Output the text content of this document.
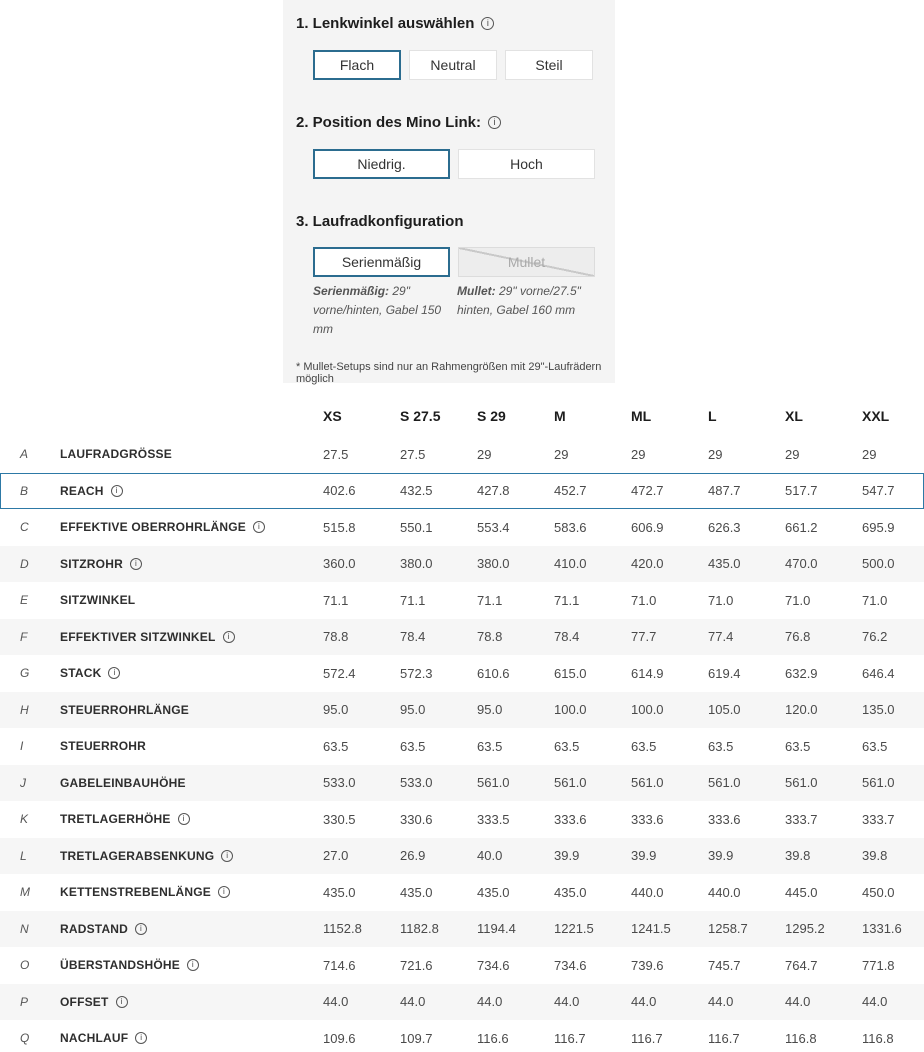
1. Lenkwinkel auswählen	i
Flach	Neutral	Steil
2. Position des Mino Link:	i
Niedrig.	Hoch
3. Laufradkonfiguration
Serienmäßig	Mullet
Serienmäßig: 29" vorne/hinten, Gabel 150 mm
Mullet: 29" vorne/27.5" hinten, Gabel 160 mm
* Mullet-Setups sind nur an Rahmengrößen mit 29"-Laufrädern möglich
XS	S 27.5	S 29	M	ML	L	XL	XXL
A	LAUFRADGRÖSSE	27.5	27.5	29	29	29	29	29	29
B	REACH	i	402.6	432.5	427.8	452.7	472.7	487.7	517.7	547.7
C	EFFEKTIVE OBERROHRLÄNGE	i	515.8	550.1	553.4	583.6	606.9	626.3	661.2	695.9
D	SITZROHR	i	360.0	380.0	380.0	410.0	420.0	435.0	470.0	500.0
E	SITZWINKEL	71.1	71.1	71.1	71.1	71.0	71.0	71.0	71.0
F	EFFEKTIVER SITZWINKEL	i	78.8	78.4	78.8	78.4	77.7	77.4	76.8	76.2
G	STACK	i	572.4	572.3	610.6	615.0	614.9	619.4	632.9	646.4
H	STEUERROHRLÄNGE	95.0	95.0	95.0	100.0	100.0	105.0	120.0	135.0
I	STEUERROHR	63.5	63.5	63.5	63.5	63.5	63.5	63.5	63.5
J	GABELEINBAUHÖHE	533.0	533.0	561.0	561.0	561.0	561.0	561.0	561.0
K	TRETLAGERHÖHE	i	330.5	330.6	333.5	333.6	333.6	333.6	333.7	333.7
L	TRETLAGERABSENKUNG	i	27.0	26.9	40.0	39.9	39.9	39.9	39.8	39.8
M	KETTENSTREBENLÄNGE	i	435.0	435.0	435.0	435.0	440.0	440.0	445.0	450.0
N	RADSTAND	i	1152.8	1182.8	1194.4	1221.5	1241.5	1258.7	1295.2	1331.6
O	ÜBERSTANDSHÖHE	i	714.6	721.6	734.6	734.6	739.6	745.7	764.7	771.8
P	OFFSET	i	44.0	44.0	44.0	44.0	44.0	44.0	44.0	44.0
Q	NACHLAUF	i	109.6	109.7	116.6	116.7	116.7	116.7	116.8	116.8
